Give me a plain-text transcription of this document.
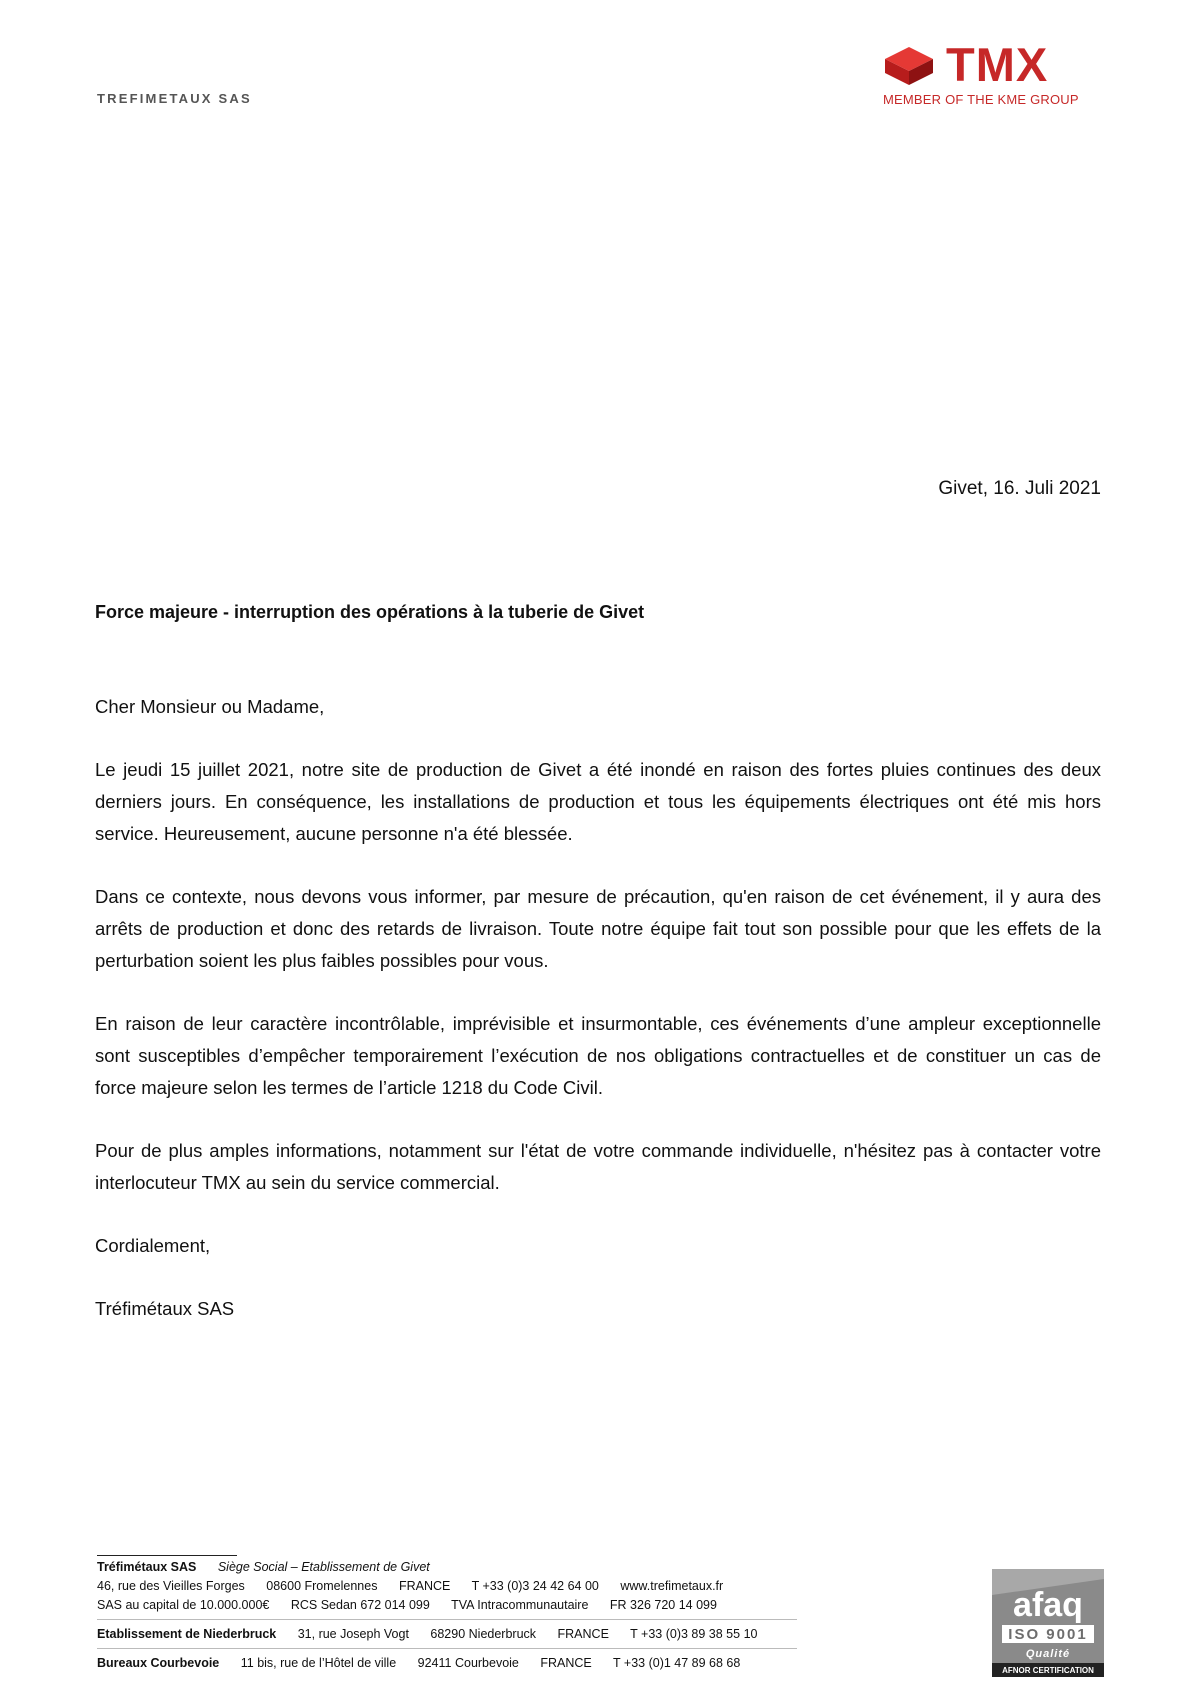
TREFIMETAUX SAS
TMX
MEMBER OF THE KME GROUP
Givet, 16. Juli 2021
Force majeure - interruption des opérations à la tuberie de Givet

Cher Monsieur ou Madame,

Le jeudi 15 juillet 2021, notre site de production de Givet a été inondé en raison des fortes pluies continues des deux derniers jours. En conséquence, les installations de production et tous les équipements électriques ont été mis hors service. Heureusement, aucune personne n'a été blessée.

Dans ce contexte, nous devons vous informer, par mesure de précaution, qu'en raison de cet événement, il y aura des arrêts de production et donc des retards de livraison. Toute notre équipe fait tout son possible pour que les effets de la perturbation soient les plus faibles possibles pour vous.

En raison de leur caractère incontrôlable, imprévisible et insurmontable, ces événements d’une ampleur exceptionnelle sont susceptibles d’empêcher temporairement l’exécution de nos obligations contractuelles et de constituer un cas de force majeure selon les termes de l’article 1218 du Code Civil.

Pour de plus amples informations, notamment sur l'état de votre commande individuelle, n'hésitez pas à contacter votre interlocuteur TMX au sein du service commercial.

Cordialement,

Tréfimétaux SAS

Tréfimétaux SAS Siège Social – Etablissement de Givet
46, rue des Vieilles Forges 08600 Fromelennes FRANCE T +33 (0)3 24 42 64 00 www.trefimetaux.fr
SAS au capital de 10.000.000€ RCS Sedan 672 014 099 TVA Intracommunautaire FR 326 720 14 099
Etablissement de Niederbruck 31, rue Joseph Vogt 68290 Niederbruck FRANCE T +33 (0)3 89 38 55 10
Bureaux Courbevoie 11 bis, rue de l’Hôtel de ville 92411 Courbevoie FRANCE T +33 (0)1 47 89 68 68
afaq
ISO 9001
Qualité
AFNOR CERTIFICATION
